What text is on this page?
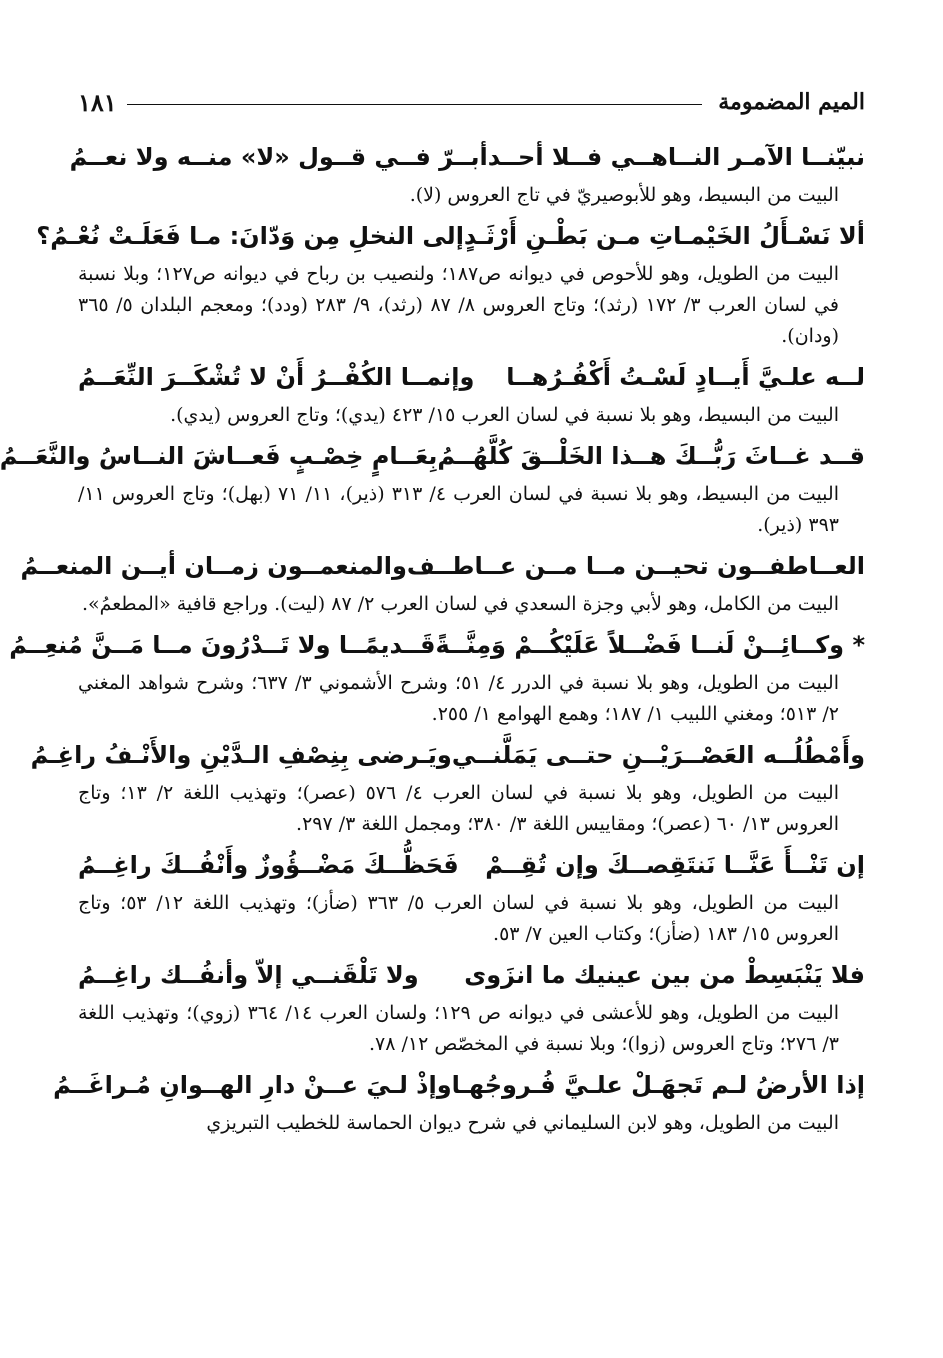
الميم المضمومة
١٨١
نبيّنــا الآمـر النــاهــي فــلا أحــد
أبــرّ فــي قــول «لا» منــه ولا نعــمُ
البيت من البسيط، وهو للأبوصيريّ في تاج العروس (لا).
ألا نَسْـأَلُ الخَيْمـاتِ مـن بَطْـنِ أَرْثَـدٍ
إلى النخلِ مِن وَدّانَ: مـا فَعَلَـتْ نُعْـمُ؟
البيت من الطويل، وهو للأحوص في ديوانه ص١٨٧؛ ولنصيب بن رباح في ديوانه ص١٢٧؛ وبلا نسبة في لسان العرب ٣/ ١٧٢ (رثد)؛ وتاج العروس ٨/ ٨٧ (رثد)، ٩/ ٢٨٣ (ودد)؛ ومعجم البلدان ٥/ ٣٦٥ (ودان).
لــه علـيَّ أَيــادٍ لَسْـتُ أَكْفُـرُهــا
وإنمــا الكُفْــرُ أَنْ لا تُشْكَــرَ النِّعَــمُ
البيت من البسيط، وهو بلا نسبة في لسان العرب ١٥/ ٤٢٣ (يدي)؛ وتاج العروس (يدي).
قــد غــاثَ رَبُّــكَ هــذا الخَلْــقَ كُلَّهُــمُ
بِعَــامٍ خِصْـبٍ فَعــاشَ النــاسُ والنَّعَــمُ
البيت من البسيط، وهو بلا نسبة في لسان العرب ٤/ ٣١٣ (ذير)، ١١/ ٧١ (بهل)؛ وتاج العروس ١١/ ٣٩٣ (ذير).
العــاطفــون تحيــن مــا مــن عــاطــف
والمنعمــون زمــان أيــن المنعــمُ
البيت من الكامل، وهو لأبي وجزة السعدي في لسان العرب ٢/ ٨٧ (ليت). وراجع قافية «المطعمُ».
* وكــائِــنْ لَنــا فَضْــلاً عَلَيْكُــمْ وَمِنَّــةً
قَــديمًــا ولا تَــدْرُونَ مــا مَــنَّ مُنعِــمُ
البيت من الطويل، وهو بلا نسبة في الدرر ٤/ ٥١؛ وشرح الأشموني ٣/ ٦٣٧؛ وشرح شواهد المغني ٢/ ٥١٣؛ ومغني اللبيب ١/ ١٨٧؛ وهمع الهوامع ١/ ٢٥٥.
وأَمْطُلُــه العَصْــرَيْــنِ حتــى يَمَلَّنــي
ويَـرضى بِنِصْفِ الـدَّيْنِ والأَنْـفُ راغِـمُ
البيت من الطويل، وهو بلا نسبة في لسان العرب ٤/ ٥٧٦ (عصر)؛ وتهذيب اللغة ٢/ ١٣؛ وتاج العروس ١٣/ ٦٠ (عصر)؛ ومقاييس اللغة ٣/ ٣٨٠؛ ومجمل اللغة ٣/ ٢٩٧.
إن تَنْــأَ عَنَّــا نَنتَقِصــكَ وإن تُقِــمْ
فَحَظُّــكَ مَضْــؤُوزٌ وأَنْفُــكَ راغِــمُ
البيت من الطويل، وهو بلا نسبة في لسان العرب ٥/ ٣٦٣ (ضأز)؛ وتهذيب اللغة ١٢/ ٥٣؛ وتاج العروس ١٥/ ١٨٣ (ضأز)؛ وكتاب العين ٧/ ٥٣.
فلا يَنْبَسِطْ من بين عينيك ما انزَوى
ولا تَلْقَنــي إلاّ وأنفُــك راغِــمُ
البيت من الطويل، وهو للأعشى في ديوانه ص ١٢٩؛ ولسان العرب ١٤/ ٣٦٤ (زوي)؛ وتهذيب اللغة ٣/ ٢٧٦؛ وتاج العروس (زوا)؛ وبلا نسبة في المخصّص ١٢/ ٧٨.
إذا الأرضُ لـم تَجهَـلْ علـيَّ فُـروجُهـا
وإذْ لـيَ عــنْ دارِ الهــوانِ مُـراغَــمُ
البيت من الطويل، وهو لابن السليماني في شرح ديوان الحماسة للخطيب التبريزي
